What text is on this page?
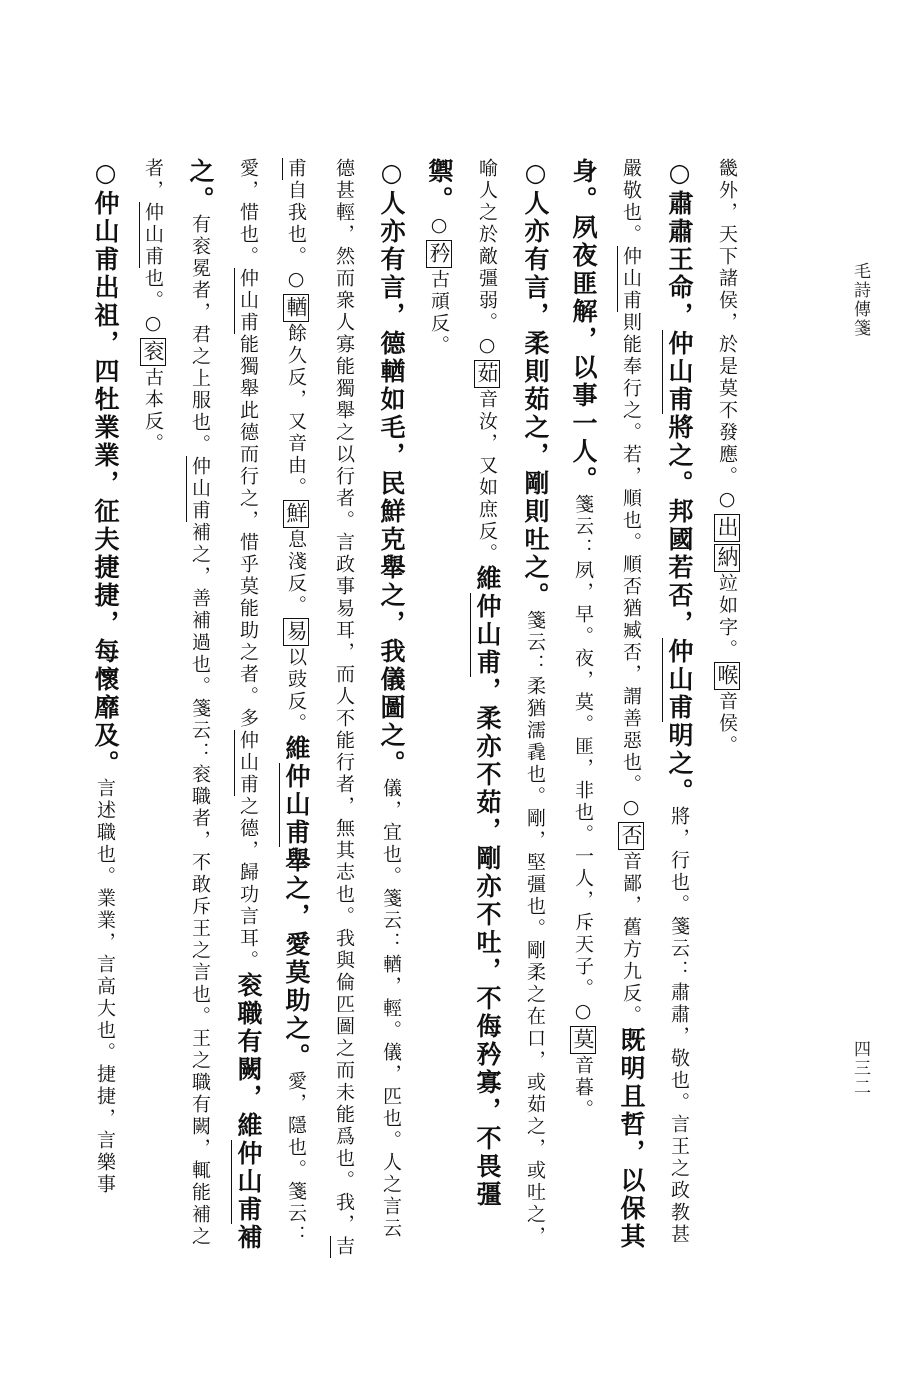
毛詩傳箋
四三二
畿外，天下諸侯，於是莫不發應。○出納竝如字。喉音侯。
○肅肅王命，仲山甫將之。邦國若否，仲山甫明之。將，行也。箋云：肅肅，敬也。言王之政教甚嚴敬也。仲山甫則能奉行之。若，順也。順否猶臧否，謂善惡也。○否音鄙，舊方九反。既明且哲，以保其身。夙夜匪解，以事一人。箋云：夙，早。夜，莫。匪，非也。一人，斥天子。○莫音暮。
○人亦有言，柔則茹之，剛則吐之。箋云：柔猶濡毳也。剛，堅彊也。剛柔之在口，或茹之，或吐之，喻人之於敵彊弱。○茹音汝，又如庶反。維仲山甫，柔亦不茹，剛亦不吐，不侮矜寡，不畏彊禦。○矜古頑反。
○人亦有言，德輶如毛，民鮮克舉之，我儀圖之。儀，宜也。箋云：輶，輕。儀，匹也。人之言云德甚輕，然而衆人寡能獨舉之以行者。言政事易耳，而人不能行者，無其志也。我與倫匹圖之而未能爲也。我，吉甫自我也。○輶餘久反，又音由。鮮息淺反。易以豉反。維仲山甫舉之，愛莫助之。愛，隱也。箋云：愛，惜也。仲山甫能獨舉此德而行之，惜乎莫能助之者。多仲山甫之德，歸功言耳。衮職有闕，維仲山甫補之。有衮冕者，君之上服也。仲山甫補之，善補過也。箋云：衮職者，不敢斥王之言也。王之職有闕，輒能補之者，仲山甫也。○衮古本反。
○仲山甫出祖，四牡業業，征夫捷捷，每懷靡及。言述職也。業業，言高大也。捷捷，言樂事
